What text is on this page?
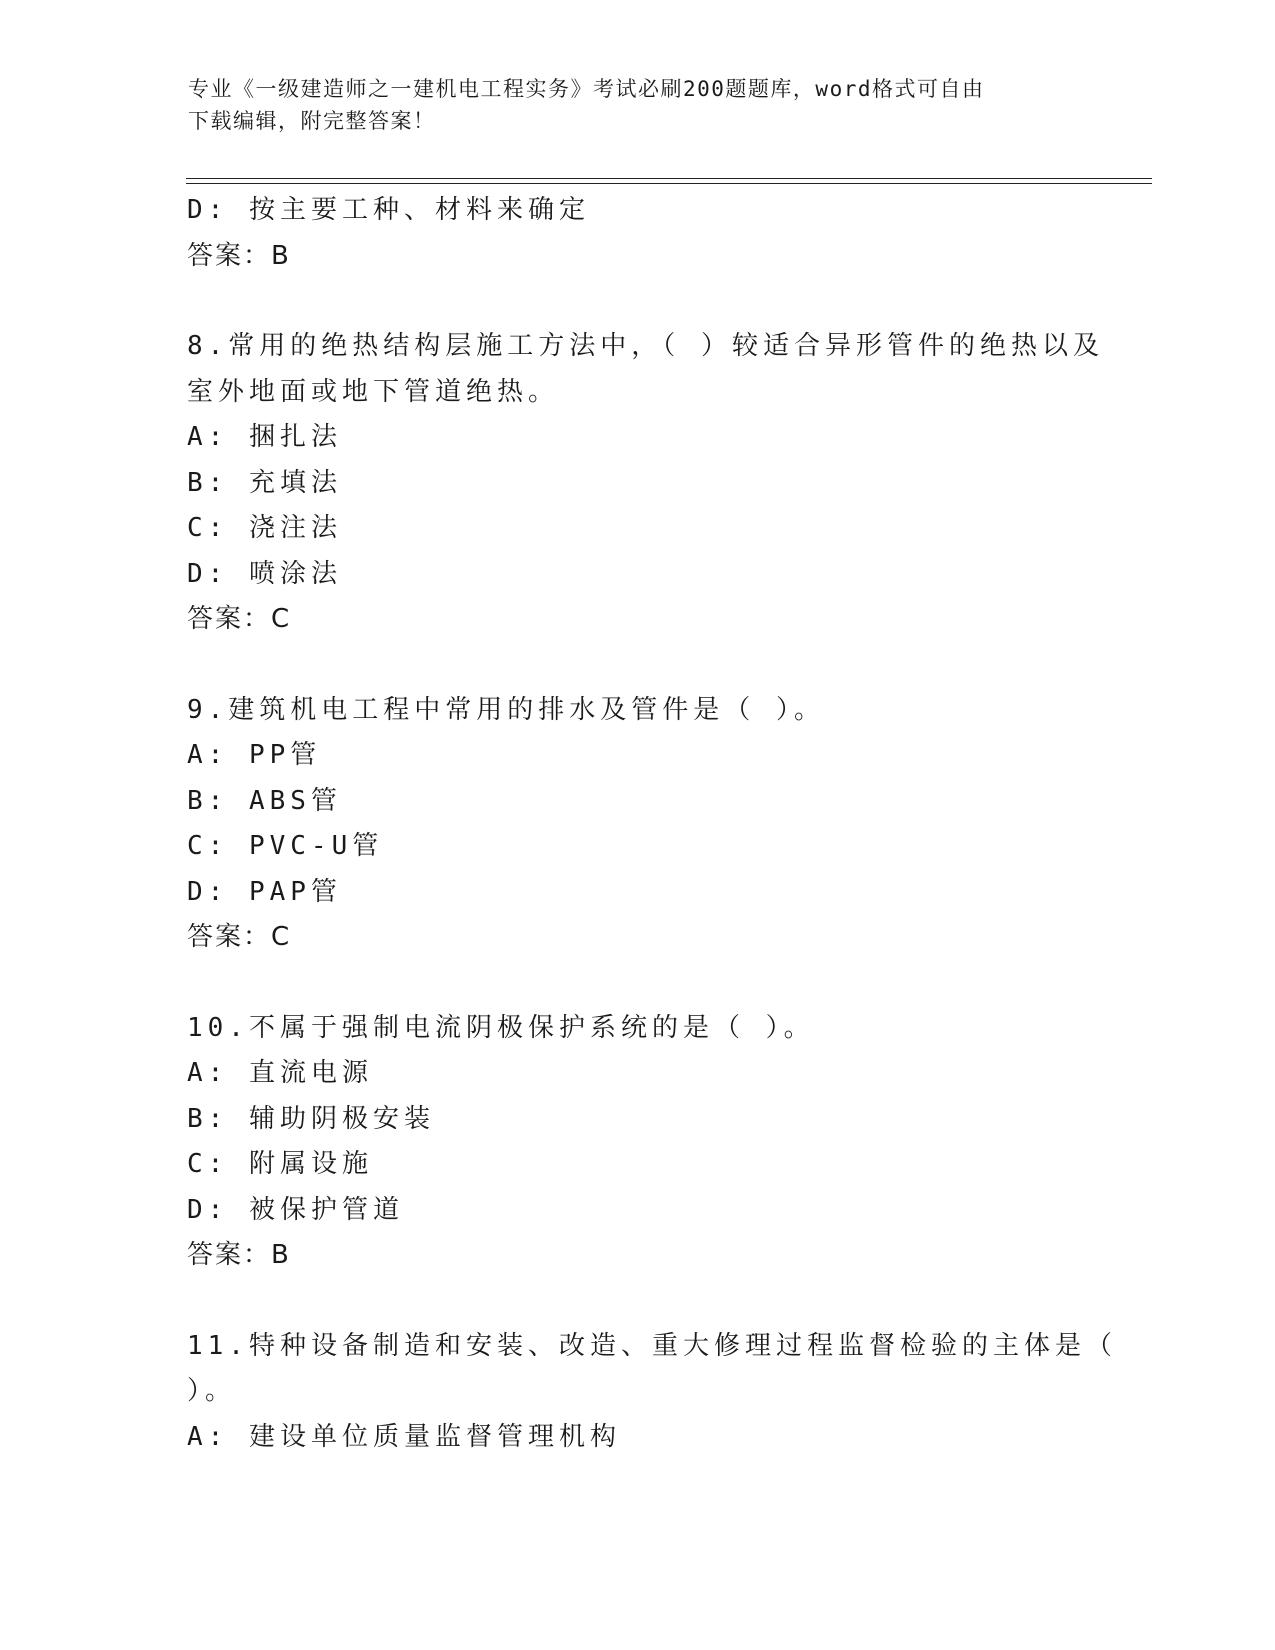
专业《一级建造师之一建机电工程实务》考试必刷200题题库，word格式可自由
下载编辑，附完整答案！
D: 按主要工种、材料来确定
答案：B
8.常用的绝热结构层施工方法中，（ ）较适合异形管件的绝热以及
室外地面或地下管道绝热。
A: 捆扎法
B: 充填法
C: 浇注法
D: 喷涂法
答案：C
9.建筑机电工程中常用的排水及管件是（ ）。
A: PP管
B: ABS管
C: PVC-U管
D: PAP管
答案：C
10.不属于强制电流阴极保护系统的是（ ）。
A: 直流电源
B: 辅助阴极安装
C: 附属设施
D: 被保护管道
答案：B
11.特种设备制造和安装、改造、重大修理过程监督检验的主体是（
）。
A: 建设单位质量监督管理机构
